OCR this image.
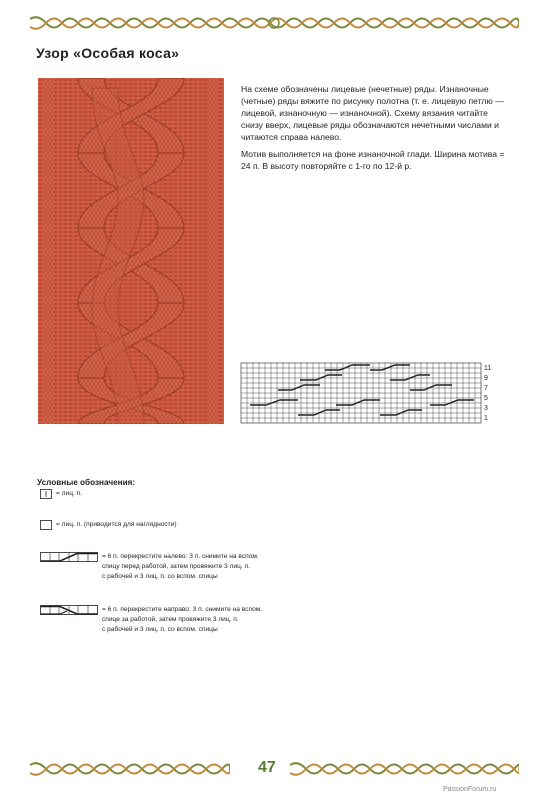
Узор «Особая коса»

На схеме обозначены лицевые (нечетные) ряды. Изнаночные (четные) ряды вяжите по рисунку полотна (т. е. лицевую петлю — лицевой, изнаночную — изнаночной). Схему вязания читайте снизу вверх, лицевые ряды обозначаются нечетными числами и читаются справа налево.

Мотив выполняется на фоне изнаночной глади. Ширина мотива = 24 п. В высоту повторяйте с 1-го по 12-й р.

11
9
7
5
3
1
Условные обозначения:
= лиц. п.
= лиц. п. (приводится для наглядности)
= 6 п. перекрестите налево: 3 п. снимите на вспом.
спицу перед работой, затем провяжите 3 лиц. п.
с рабочей и 3 лиц. п. со вспом. спицы
= 6 п. перекрестите направо: 3 п. снимите на вспом.
спице за работой, затем провяжите 3 лиц. п.
с рабочей и 3 лиц. п. со вспом. спицы
47
PassionForum.ru
